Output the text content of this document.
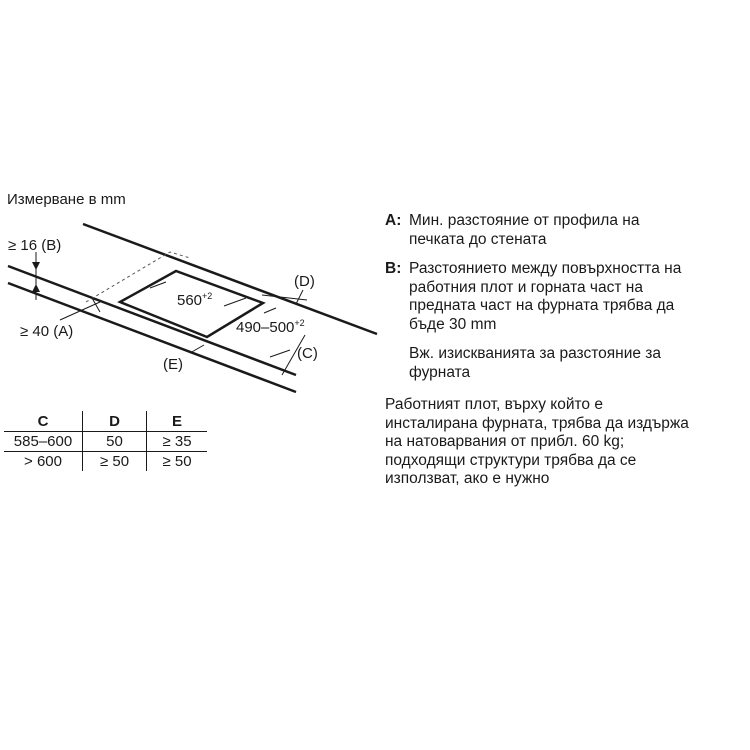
Измерване в mm
$560^{+2}$
$490-500^{+2}$
(D)
(C)
(E)
≥ 16 (B)
≥ 40 (A)
C	D	E
585–600	50	≥ 35
> 600	≥ 50	≥ 50
A: Мин. разстояние от профила на
печката до стената
B: Разстоянието между повърхността на
работния плот и горната част на
предната част на фурната трябва да
бъде 30 mm
Вж. изискванията за разстояние за
фурната
Работният плот, върху който е
инсталирана фурната, трябва да издържа
на натоварвания от прибл. 60 kg;
подходящи структури трябва да се
използват, ако е нужно
